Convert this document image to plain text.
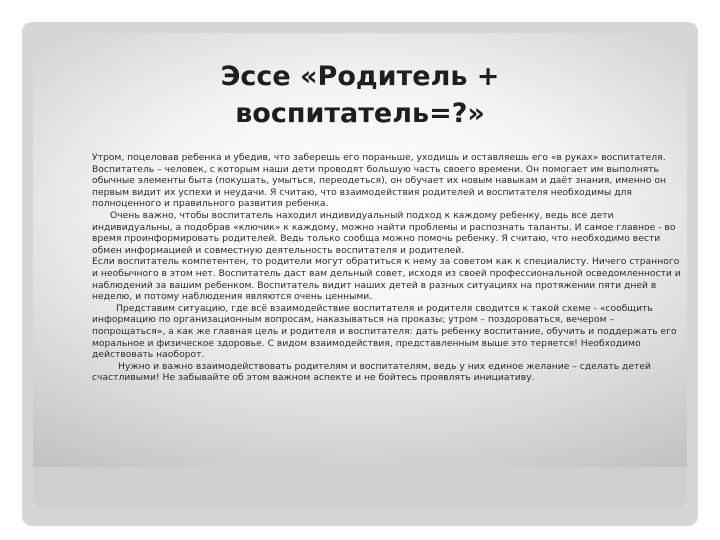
Эссе «Родитель +
воспитатель=?»

Утром, поцеловав ребенка и убедив, что заберешь его пораньше, уходишь и оставляешь его «в руках» воспитателя. Воспитатель – человек, с которым наши дети проводят большую часть своего времени. Он помогает им выполнять обычные элементы быта (покушать, умыться, переодеться), он обучает их новым навыкам и даёт знания, именно он первым видит их успехи и неудачи. Я считаю, что взаимодействия родителей и воспитателя необходимы для полноценного и правильного развития ребенка.

Очень важно, чтобы воспитатель находил индивидуальный подход к каждому ребенку, ведь все дети индивидуальны, а подобрав «ключик» к каждому, можно найти проблемы и распознать таланты. И самое главное - во время проинформировать родителей. Ведь только сообща можно помочь ребенку. Я считаю, что необходимо вести обмен информацией и совместную деятельность воспитателя и родителей.

Если воспитатель компетентен, то родители могут обратиться к нему за советом как к специалисту. Ничего странного и необычного в этом нет. Воспитатель даст вам дельный совет, исходя из своей профессиональной осведомленности и наблюдений за вашим ребенком. Воспитатель видит наших детей в разных ситуациях на протяжении пяти дней в неделю, и потому наблюдения являются очень ценными.

Представим ситуацию, где всё взаимодействие воспитателя и родителя сводится к такой схеме - «сообщить информацию по организационным вопросам, наказываться на проказы; утром – поздороваться, вечером – попрощаться», а как же главная цель и родителя и воспитателя: дать ребенку воспитание, обучить и поддержать его моральное и физическое здоровье. С видом взаимодействия, представленным выше это теряется! Необходимо действовать наоборот.

Нужно и важно взаимодействовать родителям и воспитателям, ведь у них единое желание – сделать детей счастливыми! Не забывайте об этом важном аспекте и не бойтесь проявлять инициативу.
